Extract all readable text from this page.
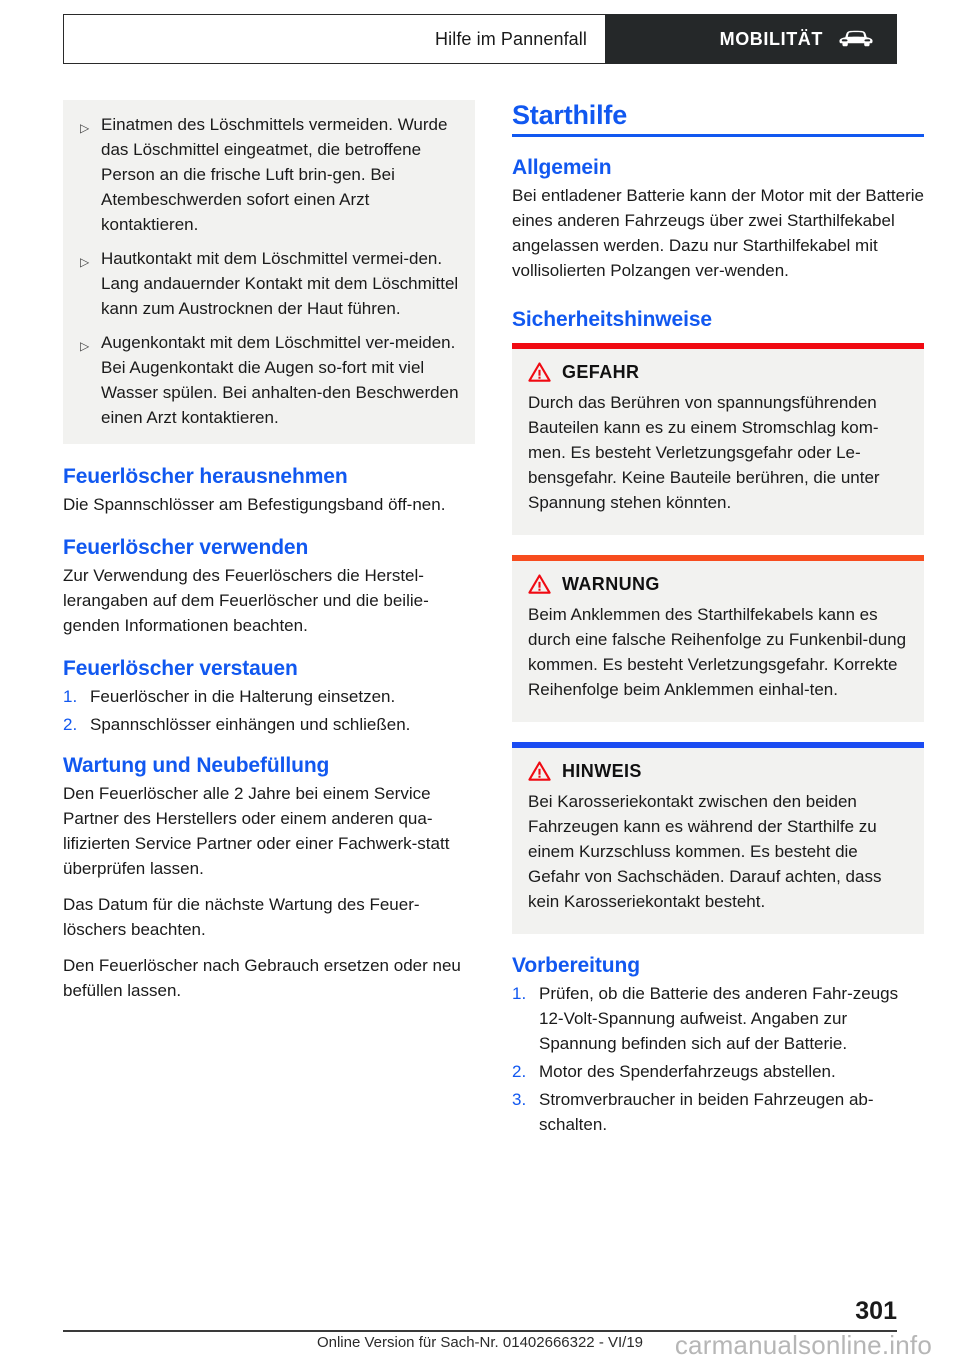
Hilfe im Pannenfall	MOBILITÄT
▷ Einatmen des Löschmittels vermeiden. Wurde das Löschmittel eingeatmet, die betroffene Person an die frische Luft brin-gen. Bei Atembeschwerden sofort einen Arzt kontaktieren.
▷ Hautkontakt mit dem Löschmittel vermei-den. Lang andauernder Kontakt mit dem Löschmittel kann zum Austrocknen der Haut führen.
▷ Augenkontakt mit dem Löschmittel ver-meiden. Bei Augenkontakt die Augen so-fort mit viel Wasser spülen. Bei anhalten-den Beschwerden einen Arzt kontaktieren.
Feuerlöscher herausnehmen

Die Spannschlösser am Befestigungsband öff-nen.

Feuerlöscher verwenden

Zur Verwendung des Feuerlöschers die Herstel-lerangaben auf dem Feuerlöscher und die beilie-genden Informationen beachten.

Feuerlöscher verstauen
1. Feuerlöscher in die Halterung einsetzen.
2. Spannschlösser einhängen und schließen.
Wartung und Neubefüllung

Den Feuerlöscher alle 2 Jahre bei einem Service Partner des Herstellers oder einem anderen qua-lifizierten Service Partner oder einer Fachwerk-statt überprüfen lassen.

Das Datum für die nächste Wartung des Feuer-löschers beachten.

Den Feuerlöscher nach Gebrauch ersetzen oder neu befüllen lassen.

Starthilfe
Allgemein

Bei entladener Batterie kann der Motor mit der Batterie eines anderen Fahrzeugs über zwei Starthilfekabel angelassen werden. Dazu nur Starthilfekabel mit vollisolierten Polzangen ver-wenden.

Sicherheitshinweise
GEFAHR
Durch das Berühren von spannungsführenden Bauteilen kann es zu einem Stromschlag kom-men. Es besteht Verletzungsgefahr oder Le-bensgefahr. Keine Bauteile berühren, die unter Spannung stehen könnten.
WARNUNG
Beim Anklemmen des Starthilfekabels kann es durch eine falsche Reihenfolge zu Funkenbil-dung kommen. Es besteht Verletzungsgefahr. Korrekte Reihenfolge beim Anklemmen einhal-ten.
HINWEIS
Bei Karosseriekontakt zwischen den beiden Fahrzeugen kann es während der Starthilfe zu einem Kurzschluss kommen. Es besteht die Gefahr von Sachschäden. Darauf achten, dass kein Karosseriekontakt besteht.
Vorbereitung
1. Prüfen, ob die Batterie des anderen Fahr-zeugs 12-Volt-Spannung aufweist. Angaben zur Spannung befinden sich auf der Batterie.
2. Motor des Spenderfahrzeugs abstellen.
3. Stromverbraucher in beiden Fahrzeugen ab-schalten.
301
Online Version für Sach-Nr. 01402666322 - VI/19	carmanualsonline.info
